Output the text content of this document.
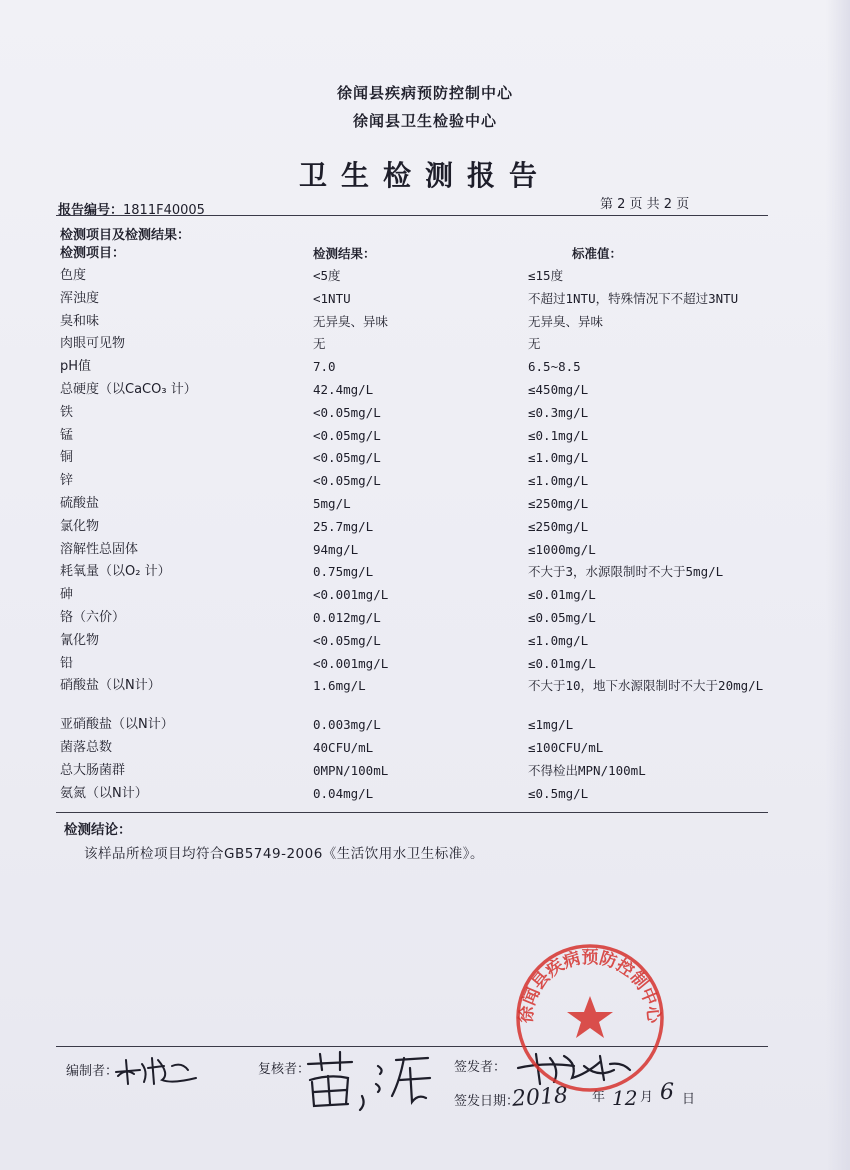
徐闻县疾病预防控制中心
徐闻县卫生检验中心
卫生检测报告
报告编号：1811F40005	第 2 页 共 2 页
检测项目及检测结果：
检测项目：	检测结果：	标准值：
色度	<5度	≤15度
浑浊度	<1NTU	不超过1NTU，特殊情况下不超过3NTU
臭和味	无异臭、异味	无异臭、异味
肉眼可见物	无	无
pH值	7.0	6.5~8.5
总硬度（以CaCO₃ 计）	42.4mg/L	≤450mg/L
铁	<0.05mg/L	≤0.3mg/L
锰	<0.05mg/L	≤0.1mg/L
铜	<0.05mg/L	≤1.0mg/L
锌	<0.05mg/L	≤1.0mg/L
硫酸盐	5mg/L	≤250mg/L
氯化物	25.7mg/L	≤250mg/L
溶解性总固体	94mg/L	≤1000mg/L
耗氧量（以O₂ 计）	0.75mg/L	不大于3，水源限制时不大于5mg/L
砷	<0.001mg/L	≤0.01mg/L
铬（六价）	0.012mg/L	≤0.05mg/L
氰化物	<0.05mg/L	≤1.0mg/L
铅	<0.001mg/L	≤0.01mg/L
硝酸盐（以N计）	1.6mg/L	不大于10，地下水源限制时不大于20mg/L
亚硝酸盐（以N计）	0.003mg/L	≤1mg/L
菌落总数	40CFU/mL	≤100CFU/mL
总大肠菌群	0MPN/100mL	不得检出MPN/100mL
氨氮（以N计）	0.04mg/L	≤0.5mg/L
检测结论：
该样品所检项目均符合GB5749-2006《生活饮用水卫生标准》。
编制者：	复核者：	签发者：
签发日期：
2018 年 12 月 6 日
徐闻县疾病预防控制中心
